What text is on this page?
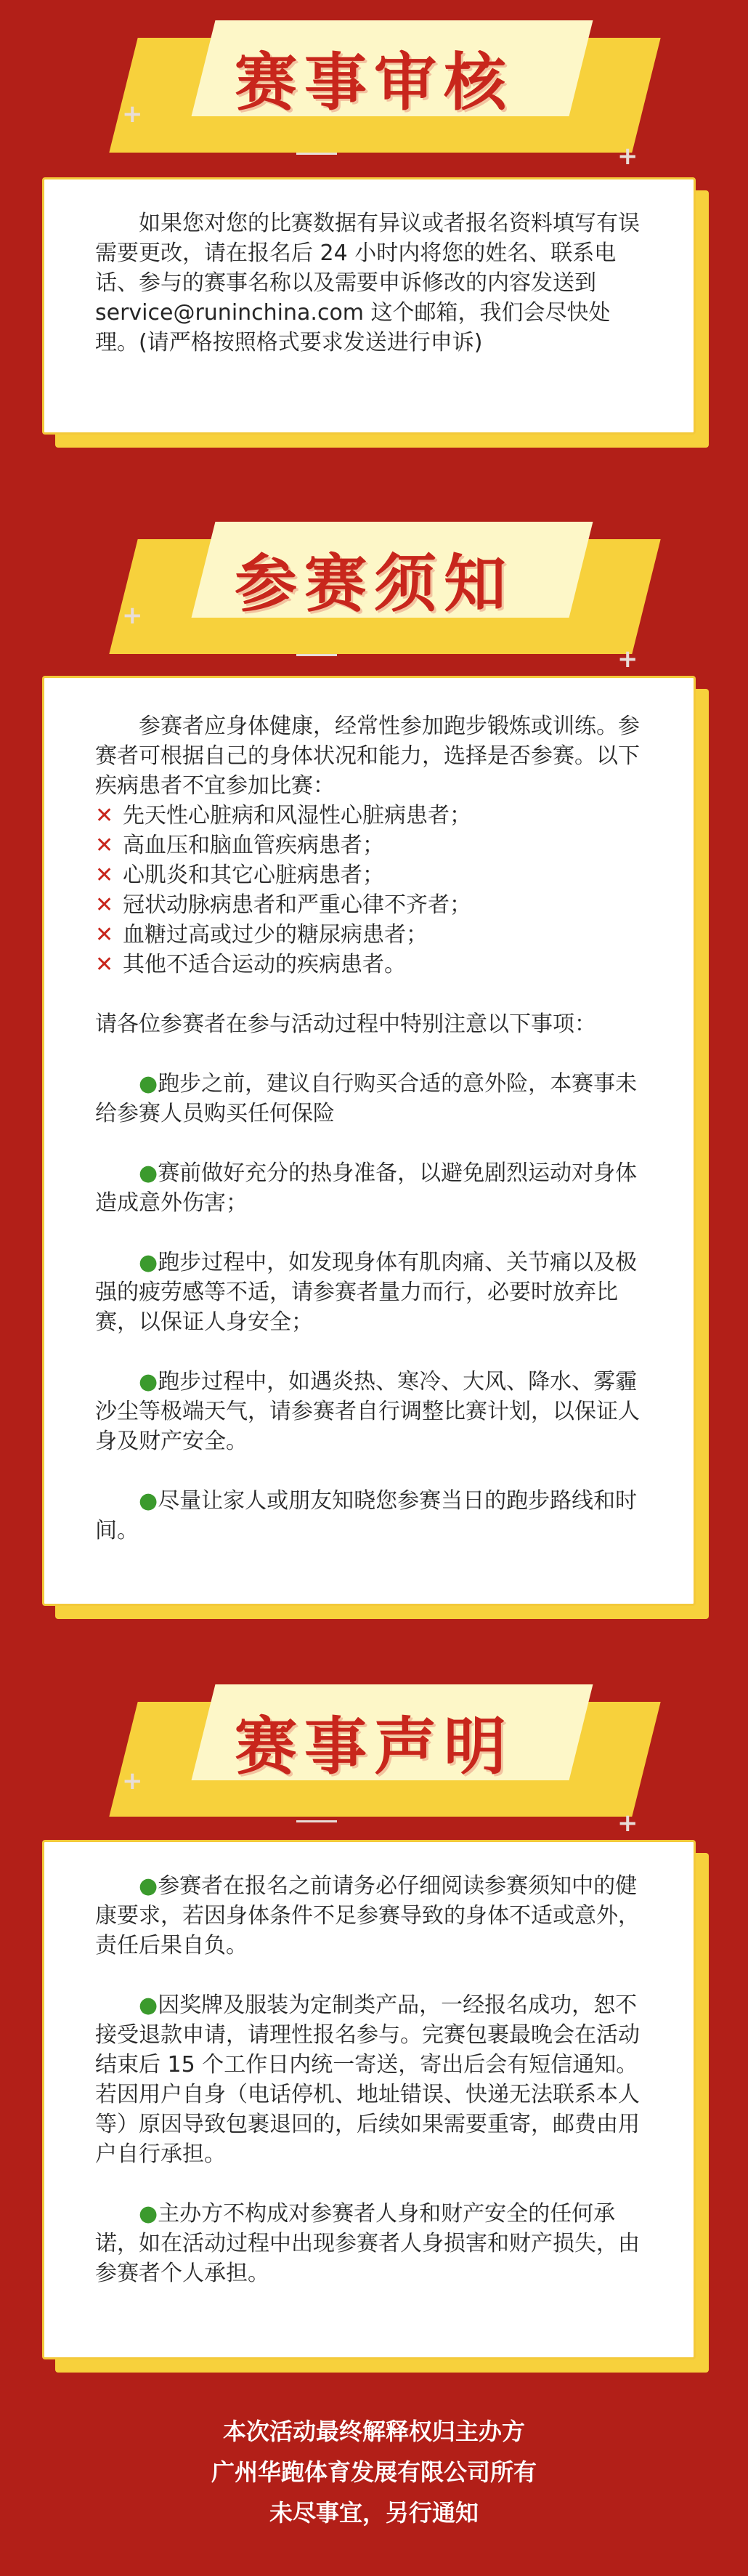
赛事审核
+
+

如果您对您的比赛数据有异议或者报名资料填写有误需要更改，请在报名后 24 小时内将您的姓名、联系电话、参与的赛事名称以及需要申诉修改的内容发送到 service@runinchina.com 这个邮箱，我们会尽快处理。(请严格按照格式要求发送进行申诉)

参赛须知
+
+

参赛者应身体健康，经常性参加跑步锻炼或训练。参赛者可根据自己的身体状况和能力，选择是否参赛。以下疾病患者不宜参加比赛：

✕ 先天性心脏病和风湿性心脏病患者；
✕ 高血压和脑血管疾病患者；
✕ 心肌炎和其它心脏病患者；
✕ 冠状动脉病患者和严重心律不齐者；
✕ 血糖过高或过少的糖尿病患者；
✕ 其他不适合运动的疾病患者。

请各位参赛者在参与活动过程中特别注意以下事项：

●跑步之前，建议自行购买合适的意外险，本赛事未给参赛人员购买任何保险

●赛前做好充分的热身准备，以避免剧烈运动对身体造成意外伤害；

●跑步过程中，如发现身体有肌肉痛、关节痛以及极强的疲劳感等不适，请参赛者量力而行，必要时放弃比赛，以保证人身安全；

●跑步过程中，如遇炎热、寒冷、大风、降水、雾霾沙尘等极端天气，请参赛者自行调整比赛计划，以保证人身及财产安全。

●尽量让家人或朋友知晓您参赛当日的跑步路线和时间。

赛事声明
+
+

●参赛者在报名之前请务必仔细阅读参赛须知中的健康要求，若因身体条件不足参赛导致的身体不适或意外，责任后果自负。

●因奖牌及服装为定制类产品，一经报名成功，恕不接受退款申请，请理性报名参与。完赛包裹最晚会在活动结束后 15 个工作日内统一寄送，寄出后会有短信通知。若因用户自身（电话停机、地址错误、快递无法联系本人等）原因导致包裹退回的，后续如果需要重寄，邮费由用户自行承担。

●主办方不构成对参赛者人身和财产安全的任何承诺，如在活动过程中出现参赛者人身损害和财产损失，由参赛者个人承担。

本次活动最终解释权归主办方
广州华跑体育发展有限公司所有
未尽事宜，另行通知
